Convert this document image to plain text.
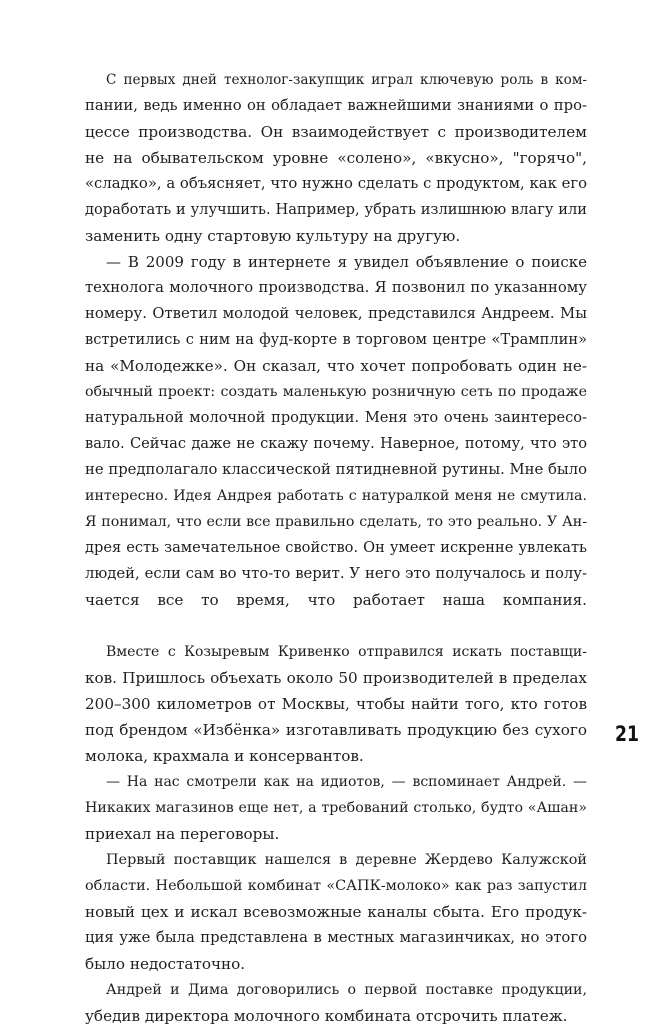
С первых дней технолог-закупщик играл ключевую роль в ком-
пании, ведь именно он обладает важнейшими знаниями о про-
цессе производства. Он взаимодействует с производителем
не на обывательском уровне «солено», «вкусно», "горячо",
«сладко», а объясняет, что нужно сделать с продуктом, как его
доработать и улучшить. Например, убрать излишнюю влагу или
заменить одну стартовую культуру на другую.
— В 2009 году в интернете я увидел объявление о поиске
технолога молочного производства. Я позвонил по указанному
номеру. Ответил молодой человек, представился Андреем. Мы
встретились с ним на фуд-корте в торговом центре «Трамплин»
на «Молодежке». Он сказал, что хочет попробовать один не-
обычный проект: создать маленькую розничную сеть по продаже
натуральной молочной продукции. Меня это очень заинтересо-
вало. Сейчас даже не скажу почему. Наверное, потому, что это
не предполагало классической пятидневной рутины. Мне было
интересно. Идея Андрея работать с натуралкой меня не смутила.
Я понимал, что если все правильно сделать, то это реально. У Ан-
дрея есть замечательное свойство. Он умеет искренне увлекать
людей, если сам во что-то верит. У него это получалось и полу-
чается все то время, что работает наша компания.
Вместе с Козыревым Кривенко отправился искать поставщи-
ков. Пришлось объехать около 50 производителей в пределах
200–300 километров от Москвы, чтобы найти того, кто готов
под брендом «Избёнка» изготавливать продукцию без сухого
молока, крахмала и консервантов.
— На нас смотрели как на идиотов, — вспоминает Андрей. —
Никаких магазинов еще нет, а требований столько, будто «Ашан»
приехал на переговоры.
Первый поставщик нашелся в деревне Жердево Калужской
области. Небольшой комбинат «САПК-молоко» как раз запустил
новый цех и искал всевозможные каналы сбыта. Его продук-
ция уже была представлена в местных магазинчиках, но этого
было недостаточно.
Андрей и Дима договорились о первой поставке продукции,
убедив директора молочного комбината отсрочить платеж.
21
